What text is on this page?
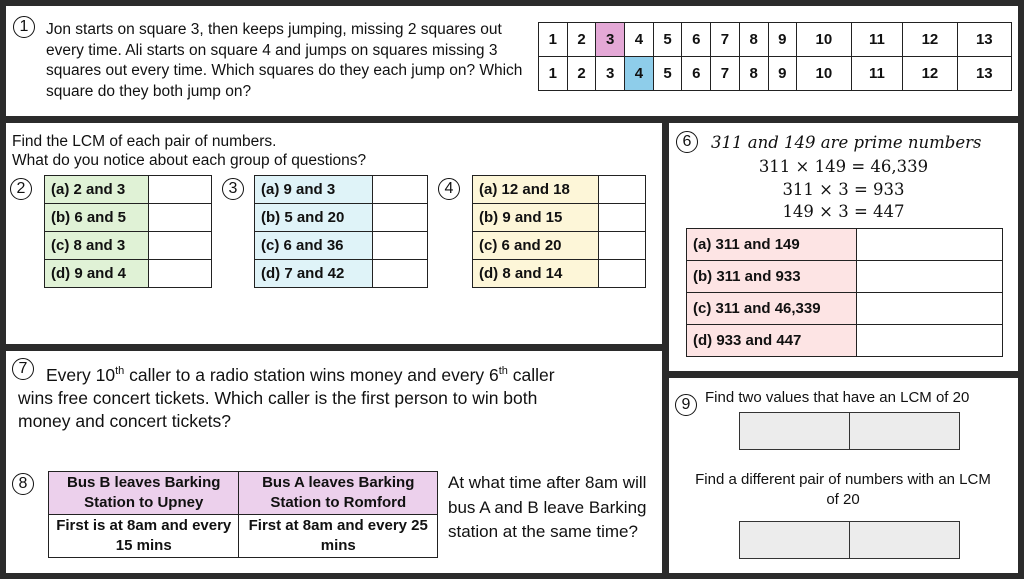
1	Jon starts on square 3, then keeps jumping, missing 2 squares out every time. Ali starts on square 4 and jumps on squares missing 3 squares out every time. Which squares do they each jump on? Which square do they both jump on?
1	2	3	4	5	6	7	8	9	10	11	12	13
1	2	3	4	5	6	7	8	9	10	11	12	13
Find the LCM of each pair of numbers.
What do you notice about each group of questions?
2	(a) 2 and 3	
(b) 6 and 5	
(c) 8 and 3	
(d) 9 and 4	
3	(a) 9 and 3	
(b) 5 and 20	
(c) 6 and 36	
(d) 7 and 42	
4	(a) 12 and 18	
(b) 9 and 15	
(c) 6 and 20	
(d) 8 and 14	
6	311 and 149 are prime numbers
311 × 149 = 46,339
311 × 3 = 933
149 × 3 = 447
(a) 311 and 149	
(b) 311 and 933	
(c) 311 and 46,339	
(d) 933 and 447	
7	Every 10th caller to a radio station wins money and every 6th caller
wins free concert tickets. Which caller is the first person to win both
money and concert tickets?
8	Bus B leaves Barking Station to Upney	Bus A leaves Barking Station to Romford
First is at 8am and every 15 mins	First at 8am and every 25 mins
At what time after 8am will bus A and B leave Barking station at the same time?
9 Find two values that have an LCM of 20
Find a different pair of numbers with an LCM of 20
